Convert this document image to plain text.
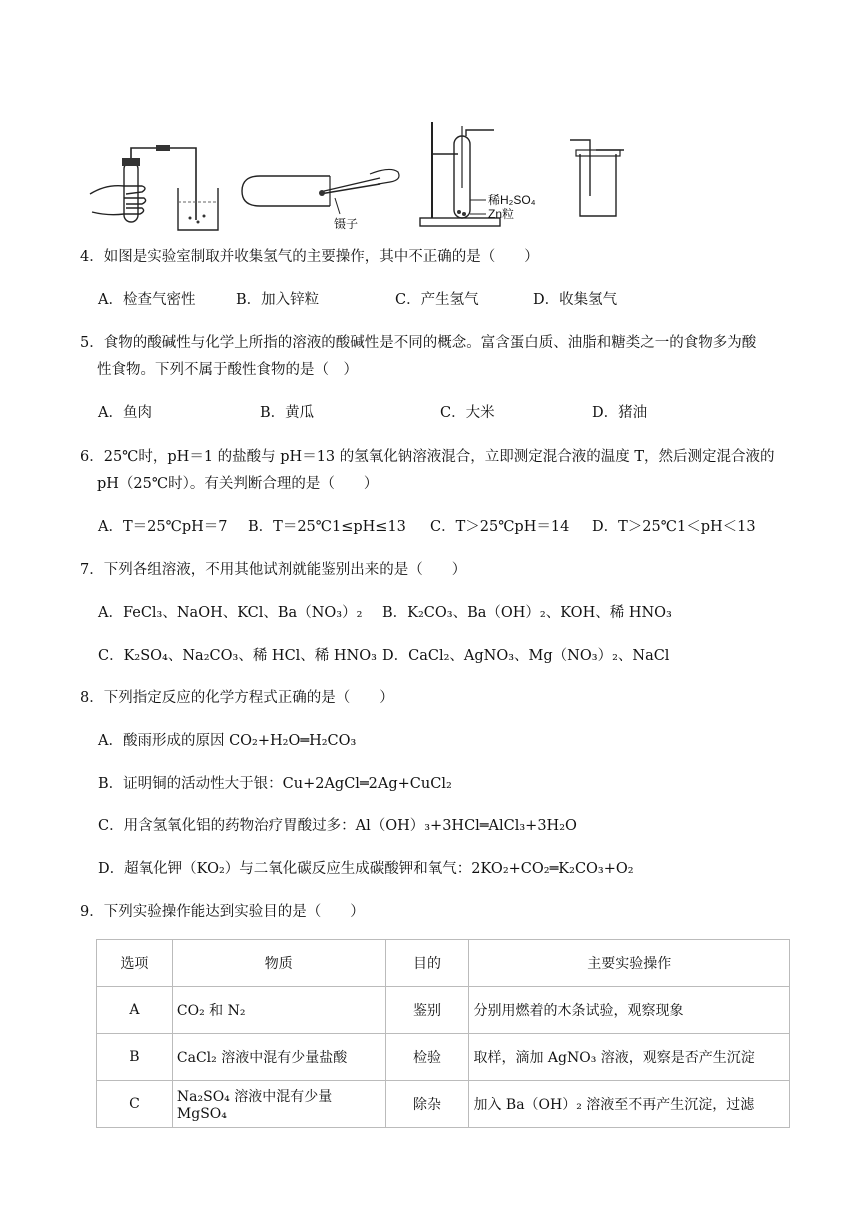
镊子
稀H₂SO₄
Zn粒
4．如图是实验室制取并收集氢气的主要操作，其中不正确的是（　　）
A．检查气密性	B．加入锌粒	C．产生氢气	D．收集氢气
5．食物的酸碱性与化学上所指的溶液的酸碱性是不同的概念。富含蛋白质、油脂和糖类之一的食物多为酸
性食物。下列不属于酸性食物的是（　）
A．鱼肉	B．黄瓜	C．大米	D．猪油
6．25℃时，pH＝1 的盐酸与 pH＝13 的氢氧化钠溶液混合，立即测定混合液的温度 T，然后测定混合液的
pH（25℃时）。有关判断合理的是（　　）
A．T＝25℃pH＝7 B．T＝25℃1≤pH≤13 C．T＞25℃pH＝14 D．T＞25℃1＜pH＜13
7．下列各组溶液，不用其他试剂就能鉴别出来的是（　　）
A．FeCl₃、NaOH、KCl、Ba（NO₃）₂ B．K₂CO₃、Ba（OH）₂、KOH、稀 HNO₃
C．K₂SO₄、Na₂CO₃、稀 HCl、稀 HNO₃ D．CaCl₂、AgNO₃、Mg（NO₃）₂、NaCl
8．下列指定反应的化学方程式正确的是（　　）
A．酸雨形成的原因 CO₂+H₂O═H₂CO₃
B．证明铜的活动性大于银：Cu+2AgCl═2Ag+CuCl₂
C．用含氢氧化铝的药物治疗胃酸过多：Al（OH）₃+3HCl═AlCl₃+3H₂O
D．超氧化钾（KO₂）与二氧化碳反应生成碳酸钾和氧气：2KO₂+CO₂═K₂CO₃+O₂
9．下列实验操作能达到实验目的是（　　）
选项	物质	目的	主要实验操作
A	CO₂ 和 N₂	鉴别	分别用燃着的木条试验，观察现象
B	CaCl₂ 溶液中混有少量盐酸	检验	取样，滴加 AgNO₃ 溶液，观察是否产生沉淀
C	Na₂SO₄ 溶液中混有少量 MgSO₄	除杂	加入 Ba（OH）₂ 溶液至不再产生沉淀，过滤
